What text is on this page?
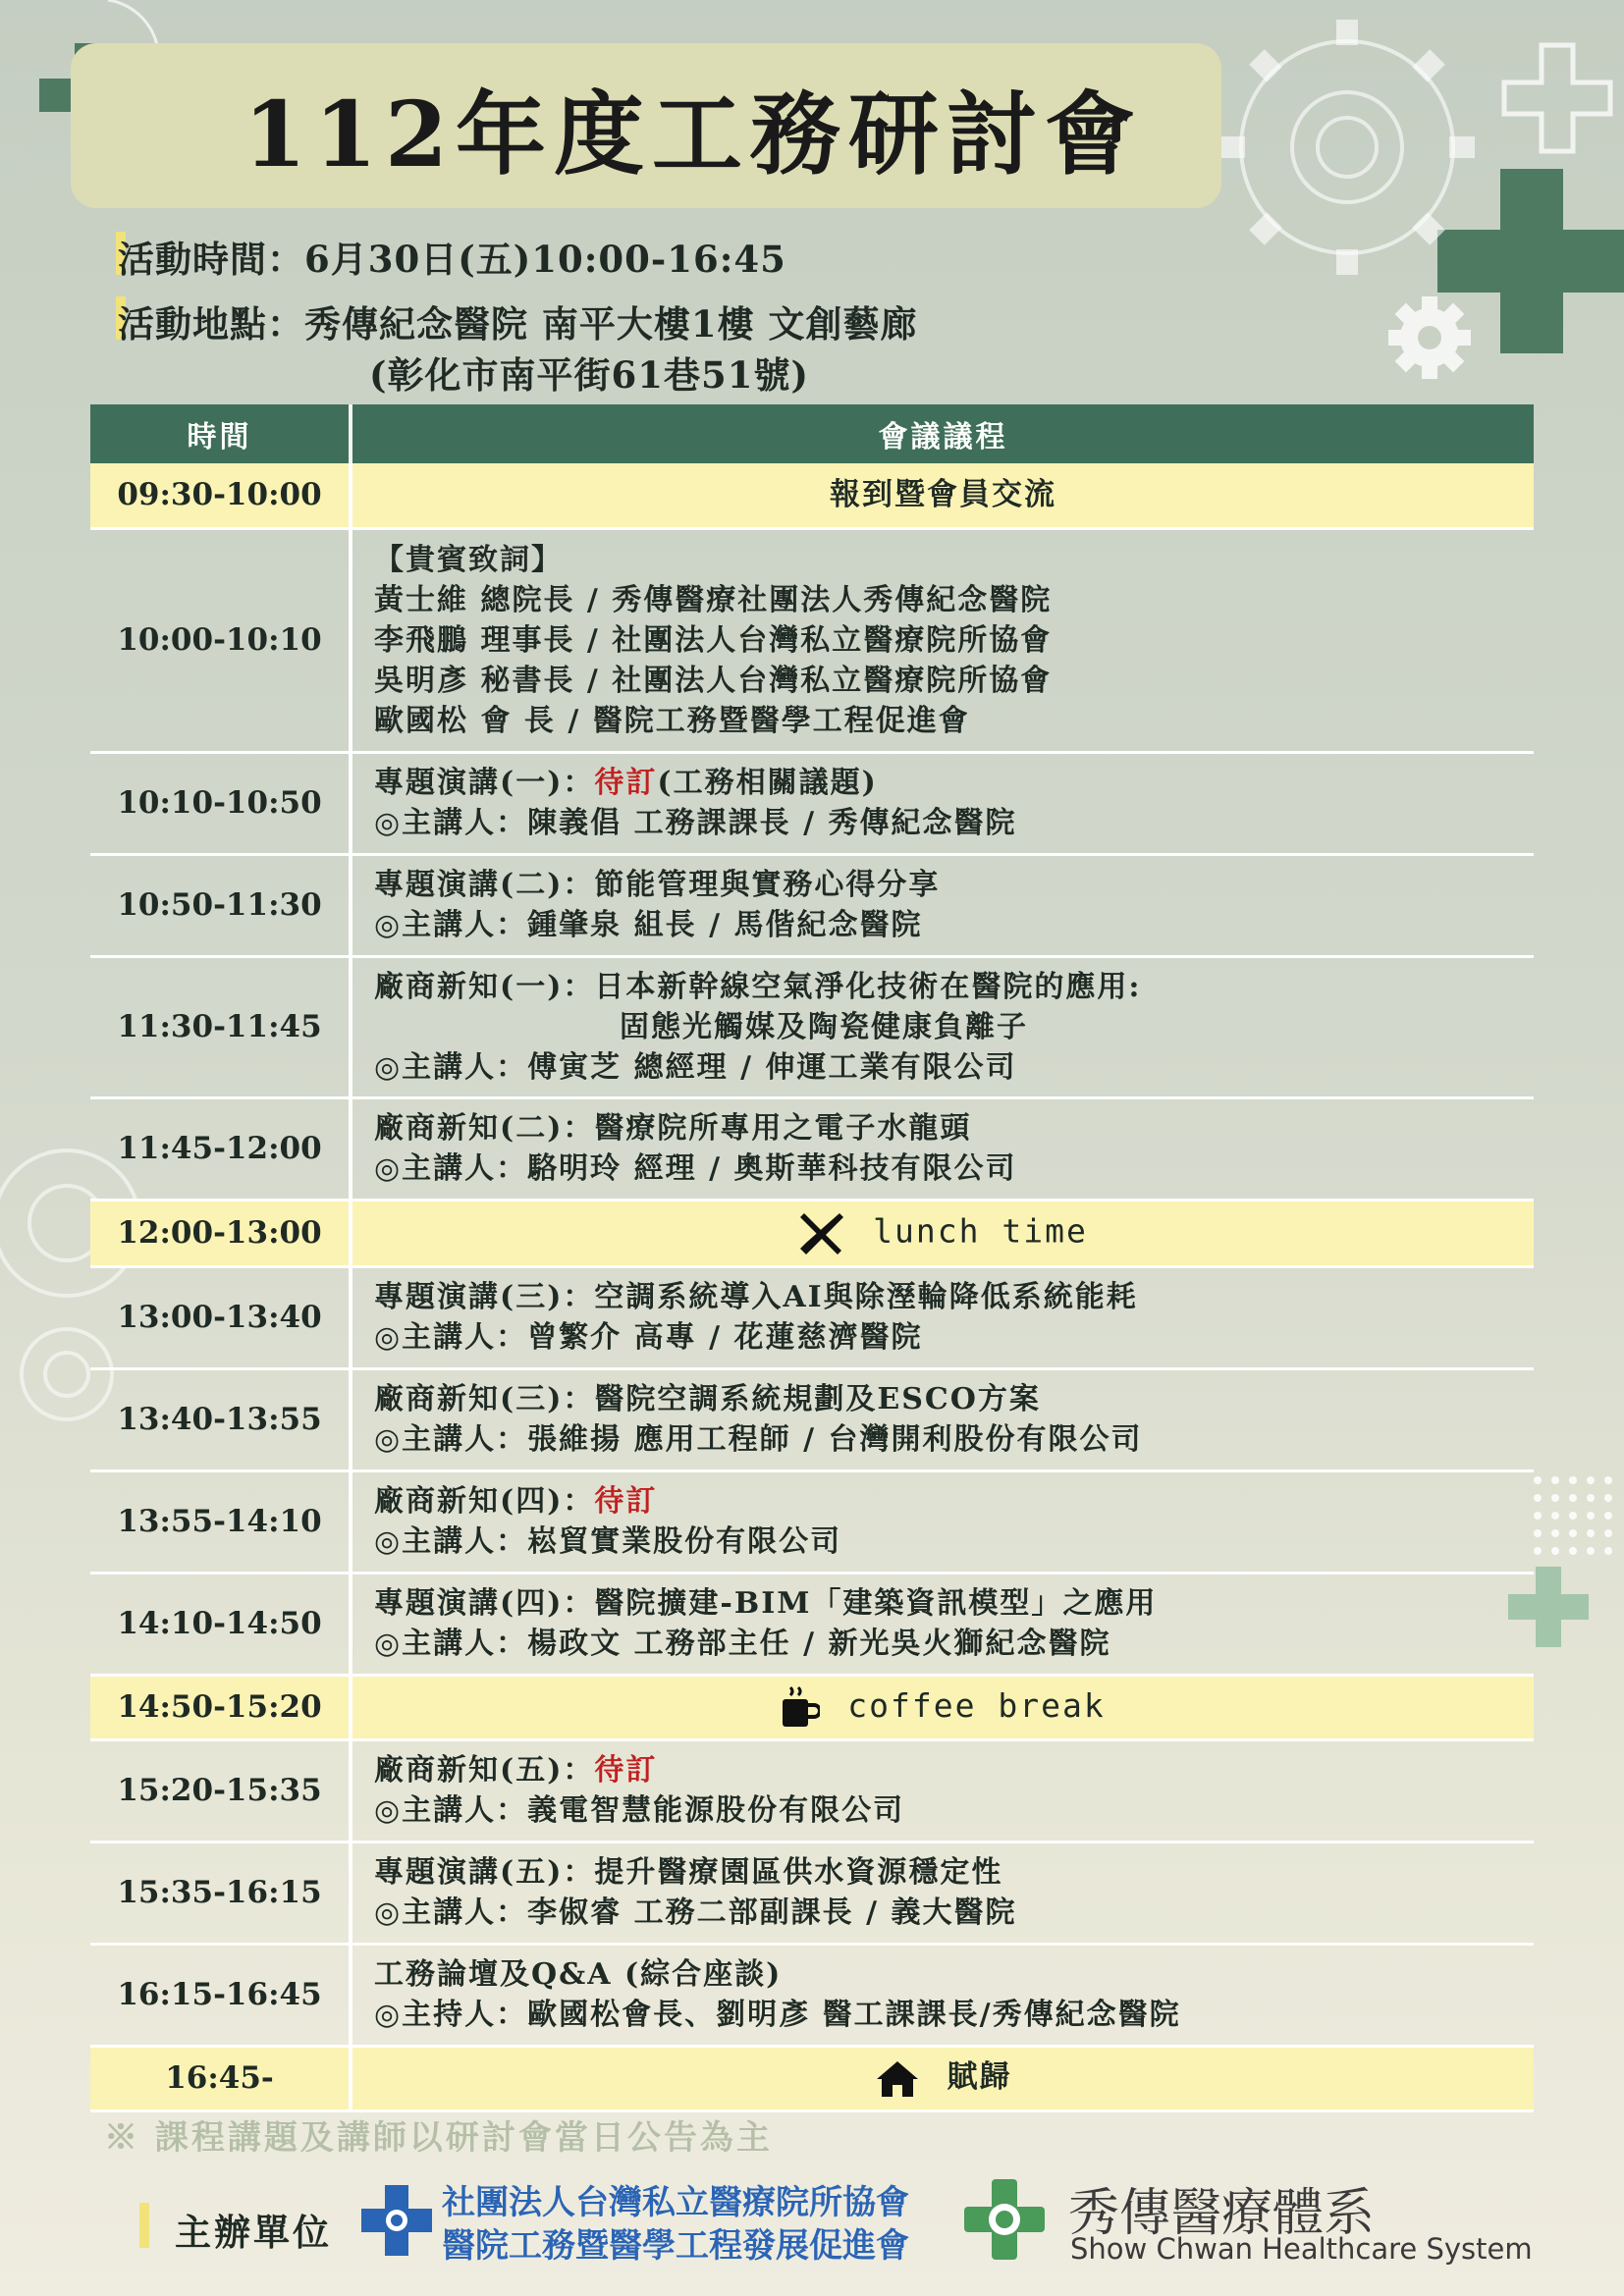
112年度工務研討會
活動時間：6月30日(五)10:00-16:45
活動地點：秀傳紀念醫院 南平大樓1樓 文創藝廊
(彰化市南平街61巷51號)
時間	會議議程
09:30-10:00	報到暨會員交流
10:00-10:10	【貴賓致詞】
黃士維 總院長 / 秀傳醫療社團法人秀傳紀念醫院
李飛鵬 理事長 / 社團法人台灣私立醫療院所協會
吳明彥 秘書長 / 社團法人台灣私立醫療院所協會
歐國松 會 長 / 醫院工務暨醫學工程促進會

10:10-10:50	專題演講(一)：待訂(工務相關議題)
◎主講人：陳義倡 工務課課長 / 秀傳紀念醫院

10:50-11:30	專題演講(二)：節能管理與實務心得分享
◎主講人：鍾肇泉 組長 / 馬偕紀念醫院

11:30-11:45	廠商新知(一)：日本新幹線空氣淨化技術在醫院的應用:
固態光觸媒及陶瓷健康負離子
◎主講人：傅寅芝 總經理 / 伸運工業有限公司

11:45-12:00	廠商新知(二)：醫療院所專用之電子水龍頭
◎主講人：駱明玲 經理 / 奧斯華科技有限公司

12:00-13:00	lunch time
13:00-13:40	專題演講(三)：空調系統導入AI與除溼輪降低系統能耗
◎主講人：曾繁介 高專 / 花蓮慈濟醫院

13:40-13:55	廠商新知(三)：醫院空調系統規劃及ESCO方案
◎主講人：張維揚 應用工程師 / 台灣開利股份有限公司

13:55-14:10	廠商新知(四)：待訂
◎主講人：崧貿實業股份有限公司

14:10-14:50	專題演講(四)：醫院擴建-BIM「建築資訊模型」之應用
◎主講人：楊政文 工務部主任 / 新光吳火獅紀念醫院

14:50-15:20	coffee break
15:20-15:35	廠商新知(五)：待訂
◎主講人：義電智慧能源股份有限公司

15:35-16:15	專題演講(五)：提升醫療園區供水資源穩定性
◎主講人：李俶睿 工務二部副課長 / 義大醫院

16:15-16:45	工務論壇及Q&A (綜合座談)
◎主持人：歐國松會長、劉明彥 醫工課課長/秀傳紀念醫院

16:45-	賦歸
※ 課程講題及講師以研討會當日公告為主
主辦單位
社團法人台灣私立醫療院所協會
醫院工務暨醫學工程發展促進會
秀傳醫療體系
Show Chwan Healthcare System
